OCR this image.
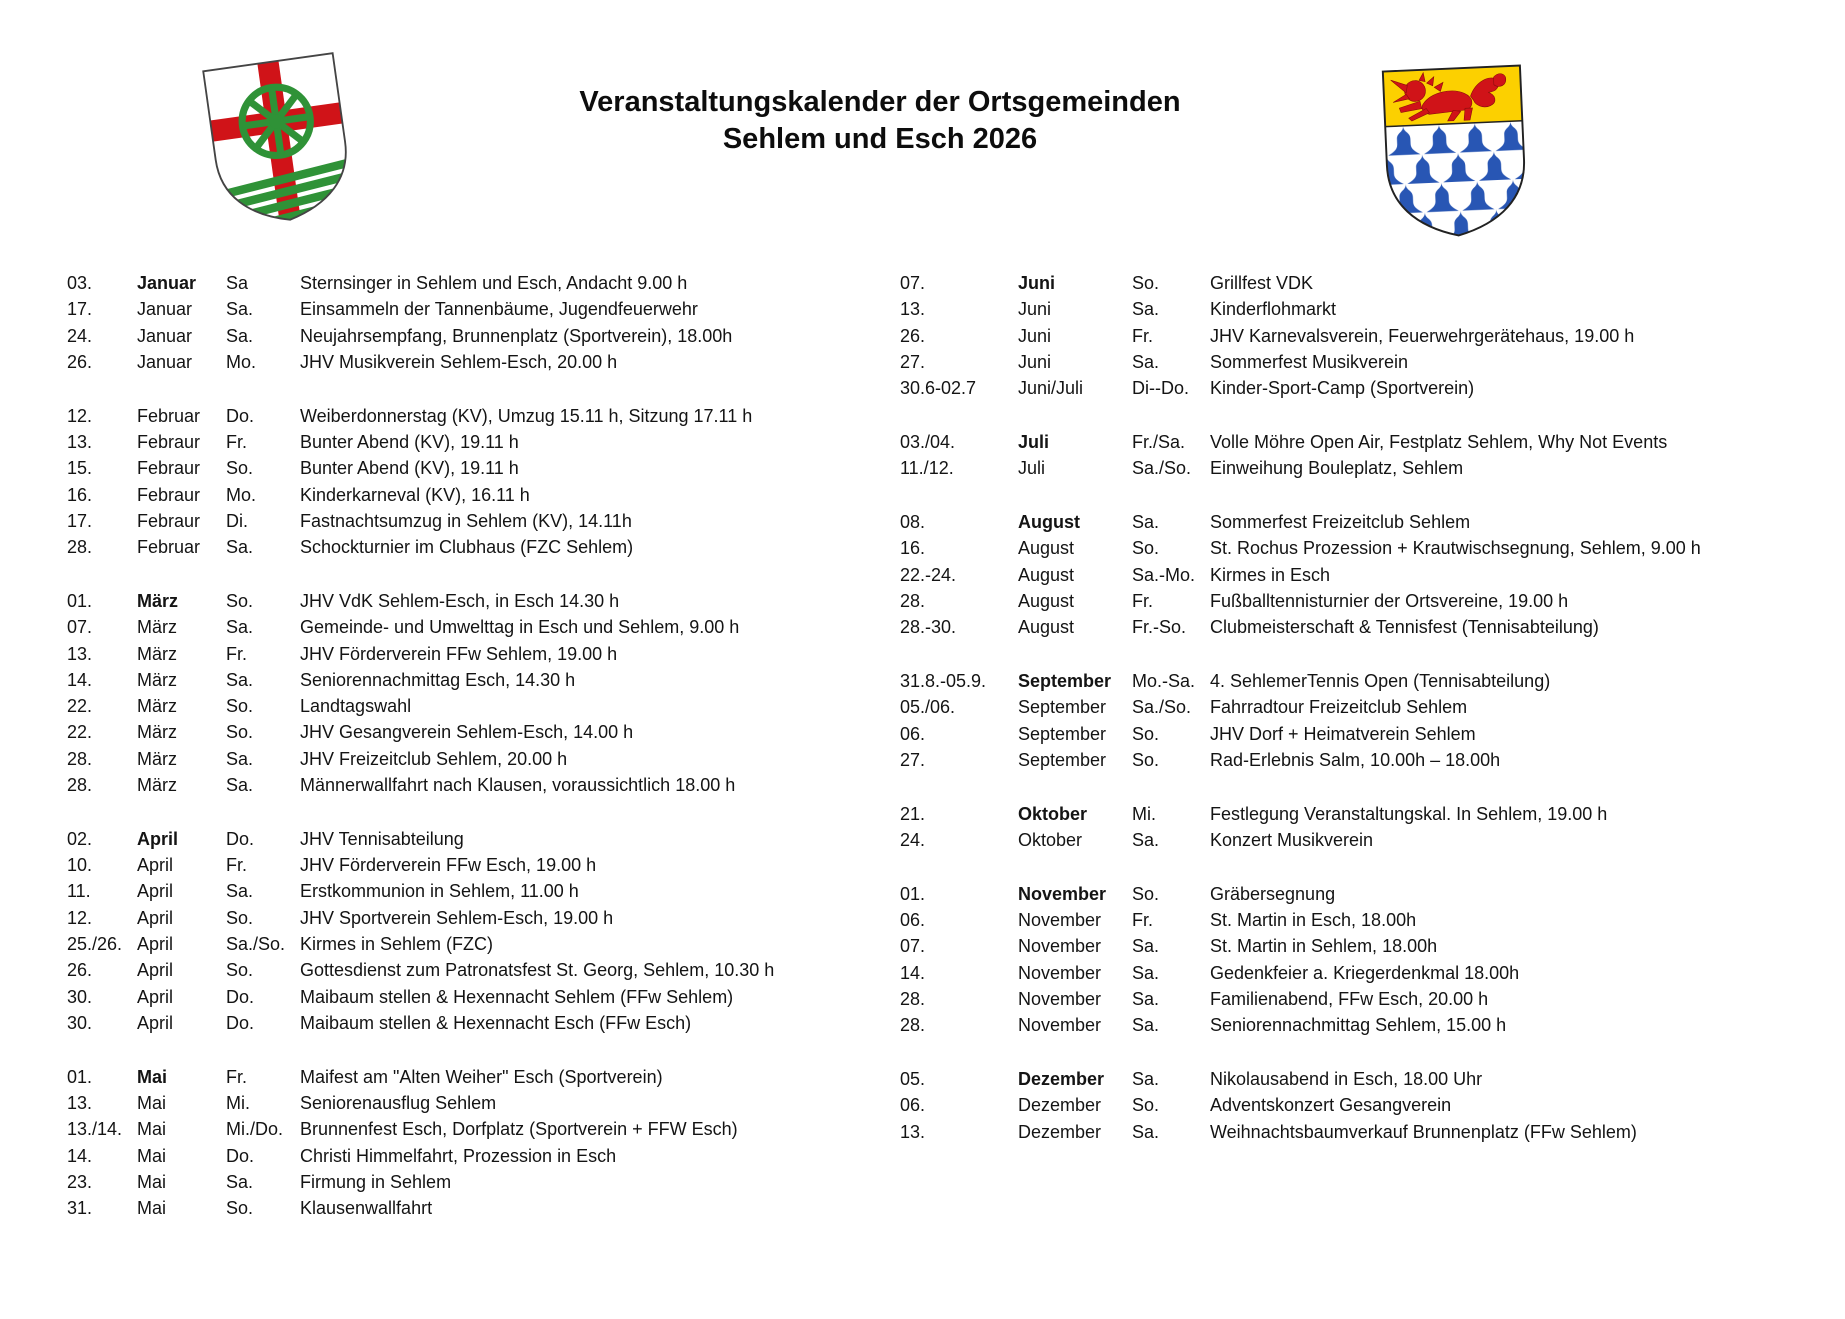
Veranstaltungskalender der Ortsgemeinden
Sehlem und Esch 2026
03.	Januar	Sa	Sternsinger in Sehlem und Esch, Andacht 9.00 h
17.	Januar	Sa.	Einsammeln der Tannenbäume, Jugendfeuerwehr
24.	Januar	Sa.	Neujahrsempfang, Brunnenplatz (Sportverein), 18.00h
26.	Januar	Mo.	JHV Musikverein Sehlem-Esch, 20.00 h
12.	Februar	Do.	Weiberdonnerstag (KV), Umzug 15.11 h, Sitzung 17.11 h
13.	Febraur	Fr.	Bunter Abend (KV), 19.11 h
15.	Febraur	So.	Bunter Abend (KV), 19.11 h
16.	Febraur	Mo.	Kinderkarneval (KV), 16.11 h
17.	Febraur	Di.	Fastnachtsumzug in Sehlem (KV), 14.11h
28.	Februar	Sa.	Schockturnier im Clubhaus (FZC Sehlem)
01.	März	So.	JHV VdK Sehlem-Esch, in Esch 14.30 h
07.	März	Sa.	Gemeinde- und Umwelttag in Esch und Sehlem, 9.00 h
13.	März	Fr.	JHV Förderverein FFw Sehlem, 19.00 h
14.	März	Sa.	Seniorennachmittag Esch, 14.30 h
22.	März	So.	Landtagswahl
22.	März	So.	JHV Gesangverein Sehlem-Esch, 14.00 h
28.	März	Sa.	JHV Freizeitclub Sehlem, 20.00 h
28.	März	Sa.	Männerwallfahrt nach Klausen, voraussichtlich 18.00 h
02.	April	Do.	JHV Tennisabteilung
10.	April	Fr.	JHV Förderverein FFw Esch, 19.00 h
11.	April	Sa.	Erstkommunion in Sehlem, 11.00 h
12.	April	So.	JHV Sportverein Sehlem-Esch, 19.00 h
25./26. April	Sa./So. Kirmes in Sehlem (FZC)
26.	April	So.	Gottesdienst zum Patronatsfest St. Georg, Sehlem, 10.30 h
30.	April	Do.	Maibaum stellen & Hexennacht Sehlem (FFw Sehlem)
30.	April	Do.	Maibaum stellen & Hexennacht Esch (FFw Esch)
01.	Mai	Fr.	Maifest am "Alten Weiher" Esch (Sportverein)
13.	Mai	Mi.	Seniorenausflug Sehlem
13./14. Mai	Mi./Do. Brunnenfest Esch, Dorfplatz (Sportverein + FFW Esch)
14.	Mai	Do.	Christi Himmelfahrt, Prozession in Esch
23.	Mai	Sa.	Firmung in Sehlem
31.	Mai	So.	Klausenwallfahrt
07.	Juni	So.	Grillfest VDK
13.	Juni	Sa.	Kinderflohmarkt
26.	Juni	Fr.	JHV Karnevalsverein, Feuerwehrgerätehaus, 19.00 h
27.	Juni	Sa.	Sommerfest Musikverein
30.6-02.7	Juni/Juli	Di--Do.	Kinder-Sport-Camp (Sportverein)
03./04.	Juli	Fr./Sa.	Volle Möhre Open Air, Festplatz Sehlem, Why Not Events
11./12.	Juli	Sa./So.	Einweihung Bouleplatz, Sehlem
08.	August	Sa.	Sommerfest Freizeitclub Sehlem
16.	August	So.	St. Rochus Prozession + Krautwischsegnung, Sehlem, 9.00 h
22.-24.	August	Sa.-Mo. Kirmes in Esch
28.	August	Fr.	Fußballtennisturnier der Ortsvereine, 19.00 h
28.-30.	August	Fr.-So.	Clubmeisterschaft & Tennisfest (Tennisabteilung)
31.8.-05.9.	September	Mo.-Sa. 4. SehlemerTennis Open (Tennisabteilung)
05./06.	September	Sa./So.	Fahrradtour Freizeitclub Sehlem
06.	September	So.	JHV Dorf + Heimatverein Sehlem
27.	September	So.	Rad-Erlebnis Salm, 10.00h – 18.00h
21.	Oktober	Mi.	Festlegung Veranstaltungskal. In Sehlem, 19.00 h
24.	Oktober	Sa.	Konzert Musikverein
01.	November	So.	Gräbersegnung
06.	November	Fr.	St. Martin in Esch, 18.00h
07.	November	Sa.	St. Martin in Sehlem, 18.00h
14.	November	Sa.	Gedenkfeier a. Kriegerdenkmal 18.00h
28.	November	Sa.	Familienabend, FFw Esch, 20.00 h
28.	November	Sa.	Seniorennachmittag Sehlem, 15.00 h
05.	Dezember	Sa.	Nikolausabend in Esch, 18.00 Uhr
06.	Dezember	So.	Adventskonzert Gesangverein
13.	Dezember	Sa.	Weihnachtsbaumverkauf Brunnenplatz (FFw Sehlem)
